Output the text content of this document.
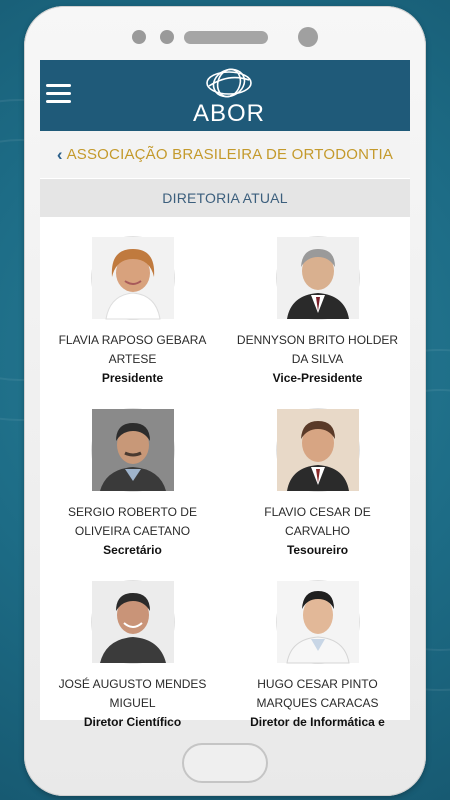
ABOR
‹ ASSOCIAÇÃO BRASILEIRA DE ORTODONTIA
DIRETORIA ATUAL
FLAVIA RAPOSO GEBARA ARTESE
Presidente
DENNYSON BRITO HOLDER DA SILVA
Vice-Presidente
SERGIO ROBERTO DE OLIVEIRA CAETANO
Secretário
FLAVIO CESAR DE CARVALHO
Tesoureiro
JOSÉ AUGUSTO MENDES MIGUEL
Diretor Científico
HUGO CESAR PINTO MARQUES CARACAS
Diretor de Informática e
